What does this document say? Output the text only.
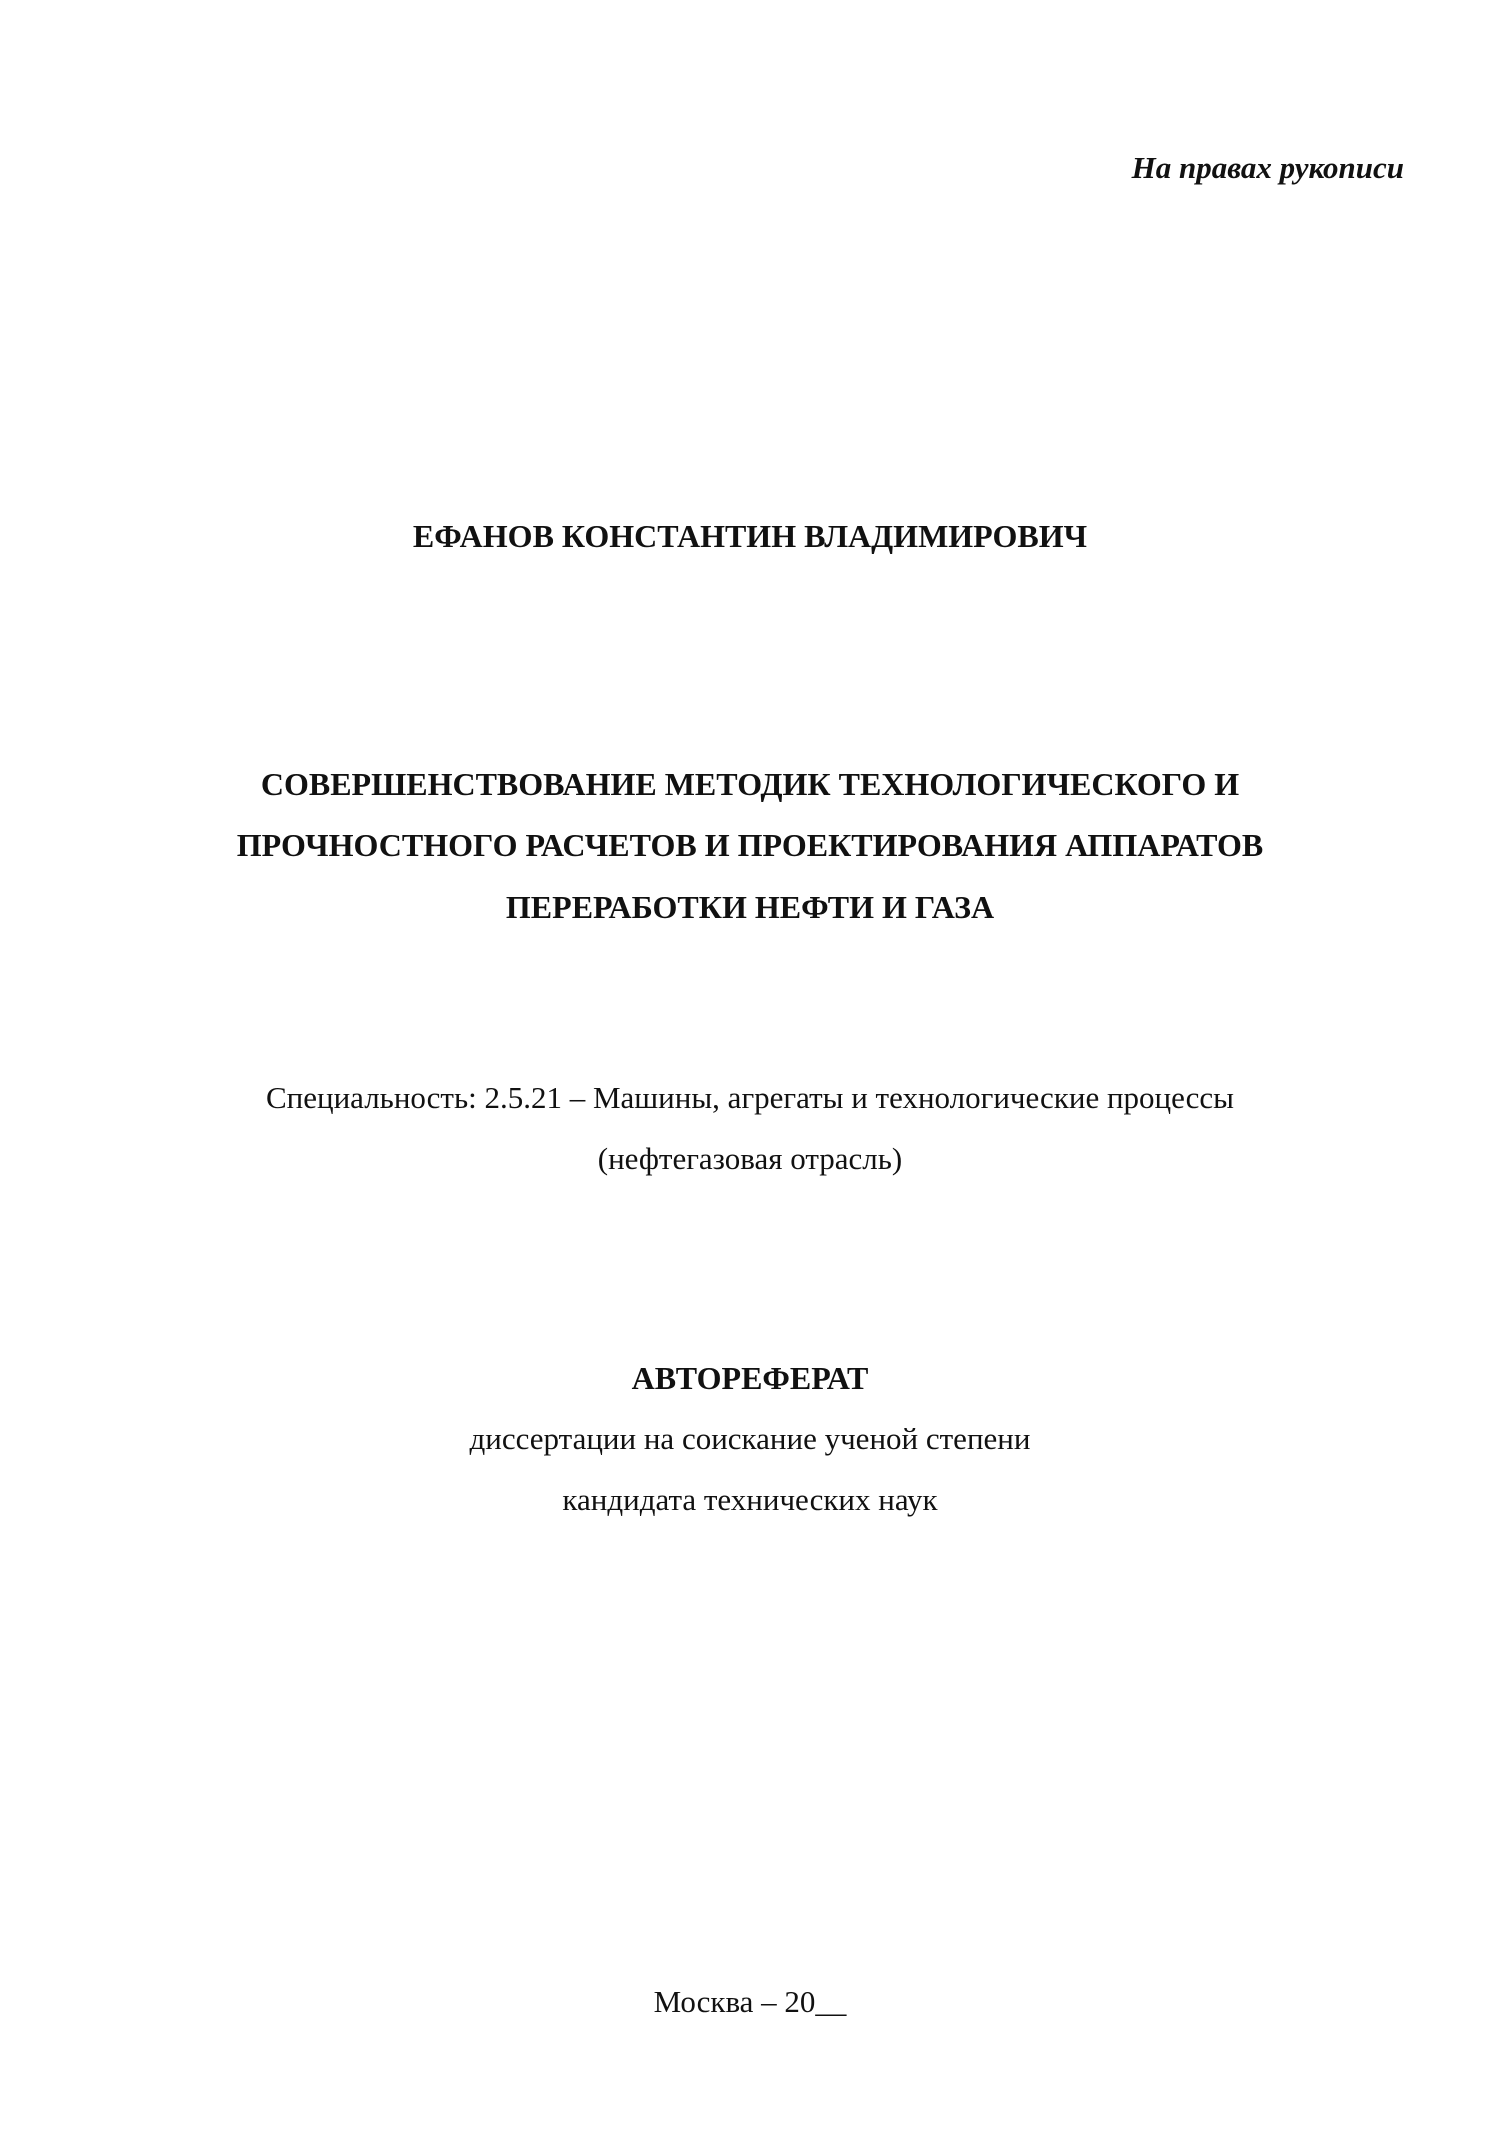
На правах рукописи
ЕФАНОВ КОНСТАНТИН ВЛАДИМИРОВИЧ
СОВЕРШЕНСТВОВАНИЕ МЕТОДИК ТЕХНОЛОГИЧЕСКОГО И
ПРОЧНОСТНОГО РАСЧЕТОВ И ПРОЕКТИРОВАНИЯ АППАРАТОВ
ПЕРЕРАБОТКИ НЕФТИ И ГАЗА
Специальность: 2.5.21 – Машины, агрегаты и технологические процессы
(нефтегазовая отрасль)
АВТОРЕФЕРАТ
диссертации на соискание ученой степени
кандидата технических наук
Москва – 20__
